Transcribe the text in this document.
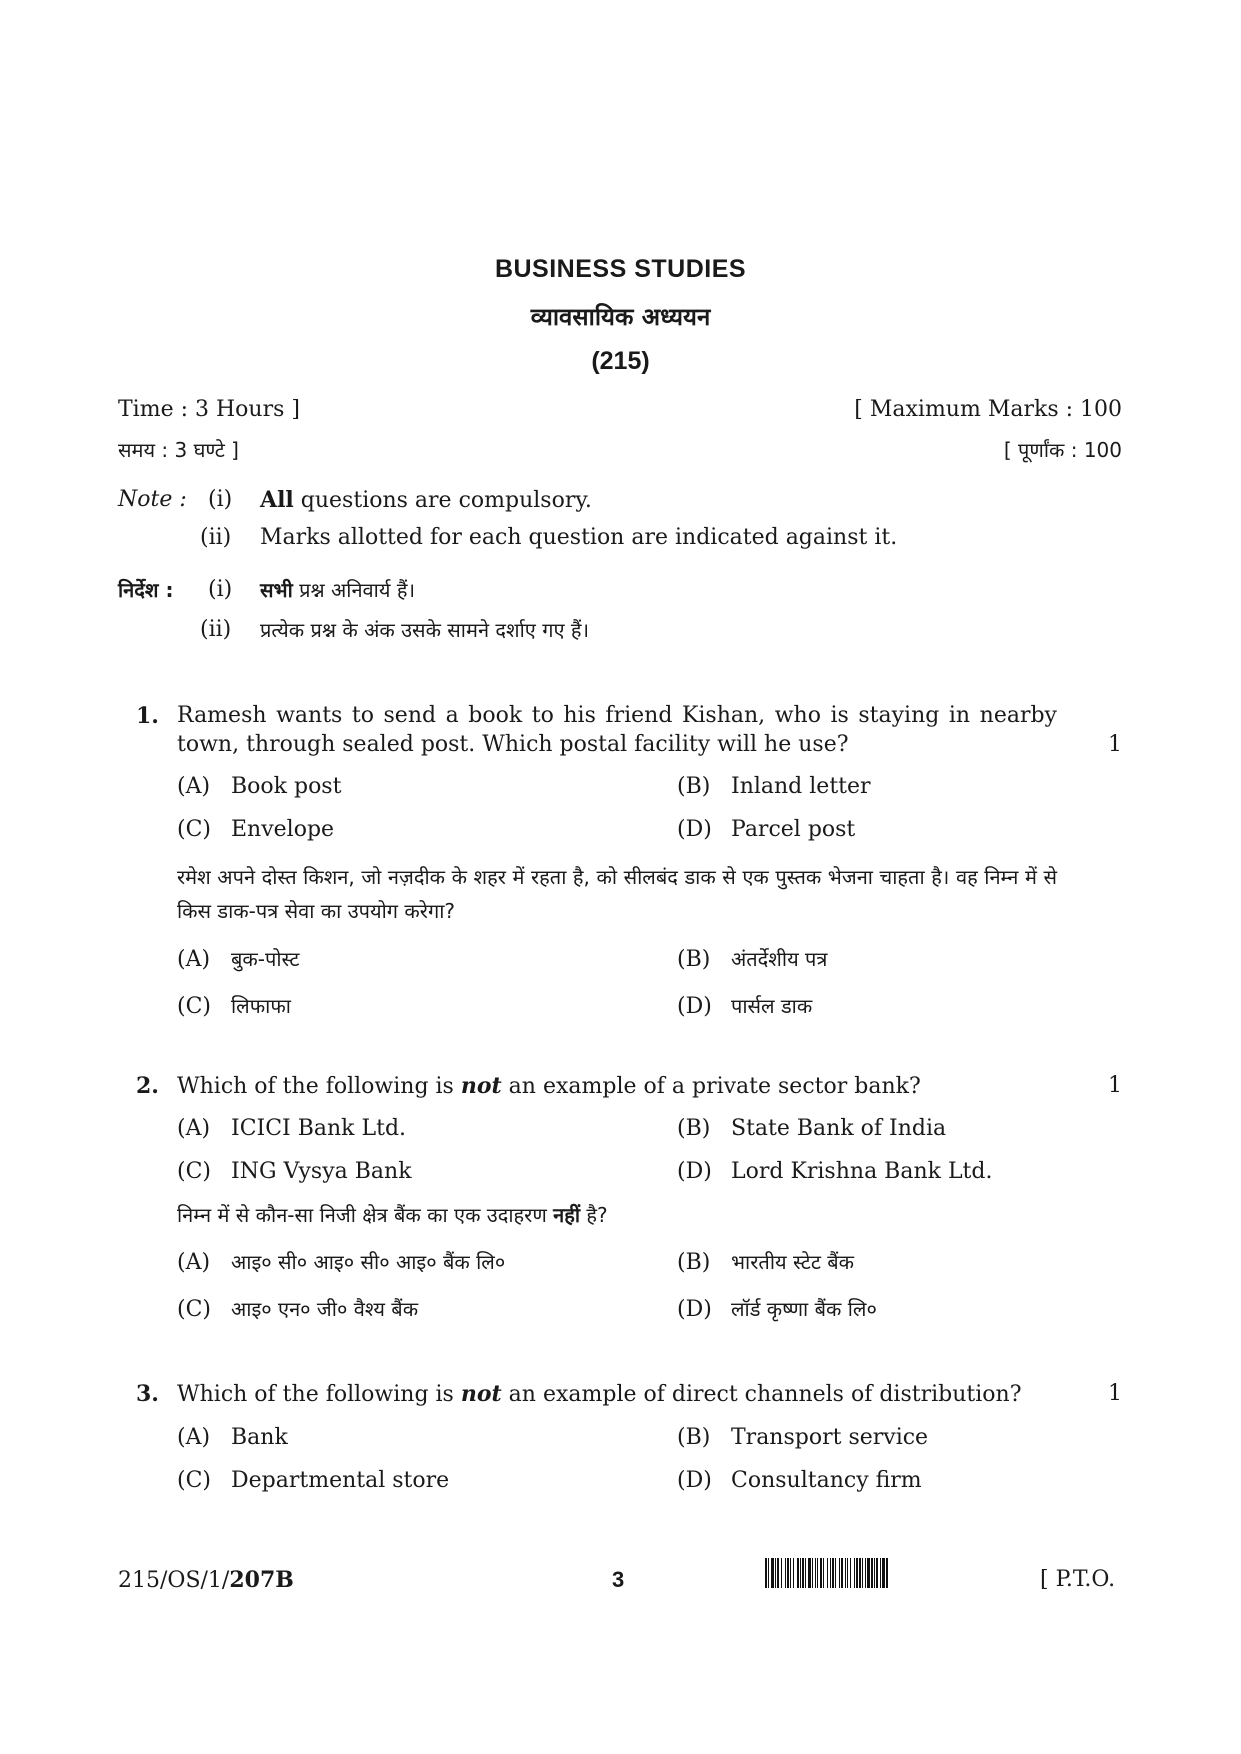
BUSINESS STUDIES
व्यावसायिक अध्ययन
(215)
Time : 3 Hours ]	[ Maximum Marks : 100
समय : 3 घण्टे ]	[ पूर्णांक : 100
Note : (i) All questions are compulsory.
(ii) Marks allotted for each question are indicated against it.
निर्देश : (i) सभी प्रश्न अनिवार्य हैं।
(ii) प्रत्येक प्रश्न के अंक उसके सामने दर्शाए गए हैं।
1. Ramesh wants to send a book to his friend Kishan, who is staying in nearby town, through sealed post. Which postal facility will he use?	1
(A) Book post	(B) Inland letter
(C) Envelope	(D) Parcel post
रमेश अपने दोस्त किशन, जो नज़दीक के शहर में रहता है, को सीलबंद डाक से एक पुस्तक भेजना चाहता है। वह निम्न में से किस डाक-पत्र सेवा का उपयोग करेगा?
(A) बुक-पोस्ट	(B) अंतर्देशीय पत्र
(C) लिफाफा	(D) पार्सल डाक
2. Which of the following is not an example of a private sector bank?	1
(A) ICICI Bank Ltd.	(B) State Bank of India
(C) ING Vysya Bank	(D) Lord Krishna Bank Ltd.
निम्न में से कौन-सा निजी क्षेत्र बैंक का एक उदाहरण नहीं है?
(A) आइ० सी० आइ० सी० आइ० बैंक लि०	(B) भारतीय स्टेट बैंक
(C) आइ० एन० जी० वैश्य बैंक	(D) लॉर्ड कृष्णा बैंक लि०
3. Which of the following is not an example of direct channels of distribution?	1
(A) Bank	(B) Transport service
(C) Departmental store	(D) Consultancy firm
215/OS/1/207B	3	[ P.T.O.
